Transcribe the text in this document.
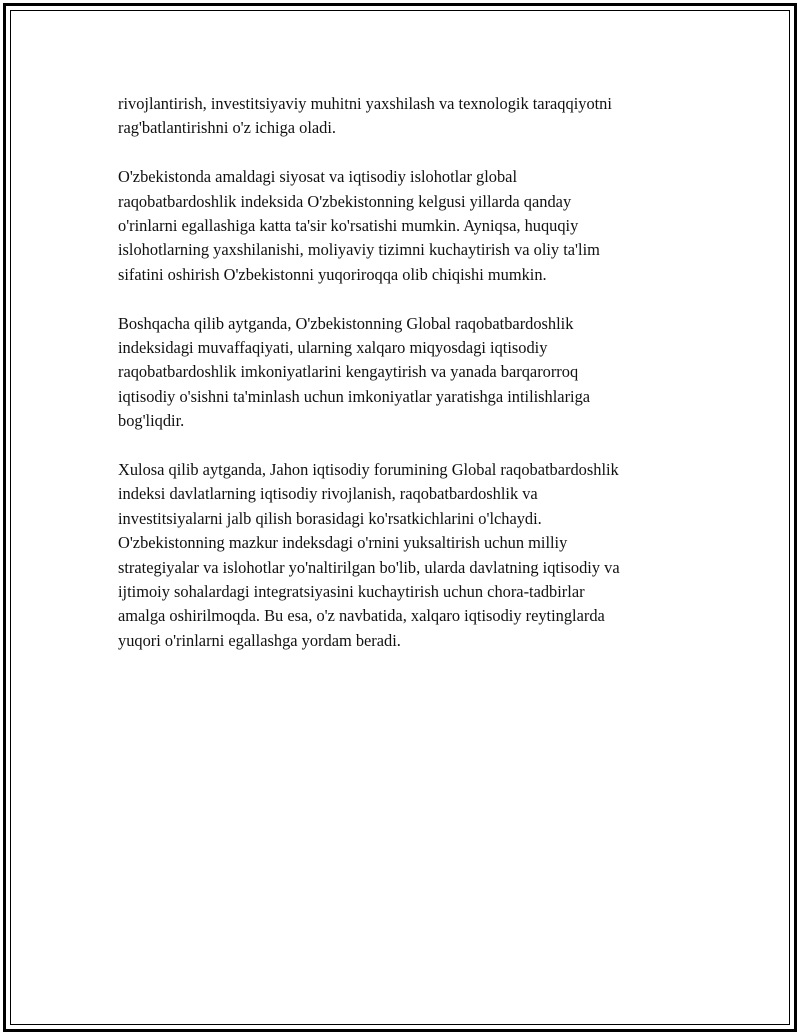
rivojlantirish, investitsiyaviy muhitni yaxshilash va texnologik taraqqiyotni
rag'batlantirishni o'z ichiga oladi.

O'zbekistonda amaldagi siyosat va iqtisodiy islohotlar global
raqobatbardoshlik indeksida O'zbekistonning kelgusi yillarda qanday
o'rinlarni egallashiga katta ta'sir ko'rsatishi mumkin. Ayniqsa, huquqiy
islohotlarning yaxshilanishi, moliyaviy tizimni kuchaytirish va oliy ta'lim
sifatini oshirish O'zbekistonni yuqoriroqqa olib chiqishi mumkin.

Boshqacha qilib aytganda, O'zbekistonning Global raqobatbardoshlik
indeksidagi muvaffaqiyati, ularning xalqaro miqyosdagi iqtisodiy
raqobatbardoshlik imkoniyatlarini kengaytirish va yanada barqarorroq
iqtisodiy o'sishni ta'minlash uchun imkoniyatlar yaratishga intilishlariga
bog'liqdir.

Xulosa qilib aytganda, Jahon iqtisodiy forumining Global raqobatbardoshlik
indeksi davlatlarning iqtisodiy rivojlanish, raqobatbardoshlik va
investitsiyalarni jalb qilish borasidagi ko'rsatkichlarini o'lchaydi.
O'zbekistonning mazkur indeksdagi o'rnini yuksaltirish uchun milliy
strategiyalar va islohotlar yo'naltirilgan bo'lib, ularda davlatning iqtisodiy va
ijtimoiy sohalardagi integratsiyasini kuchaytirish uchun chora-tadbirlar
amalga oshirilmoqda. Bu esa, o'z navbatida, xalqaro iqtisodiy reytinglarda
yuqori o'rinlarni egallashga yordam beradi.
